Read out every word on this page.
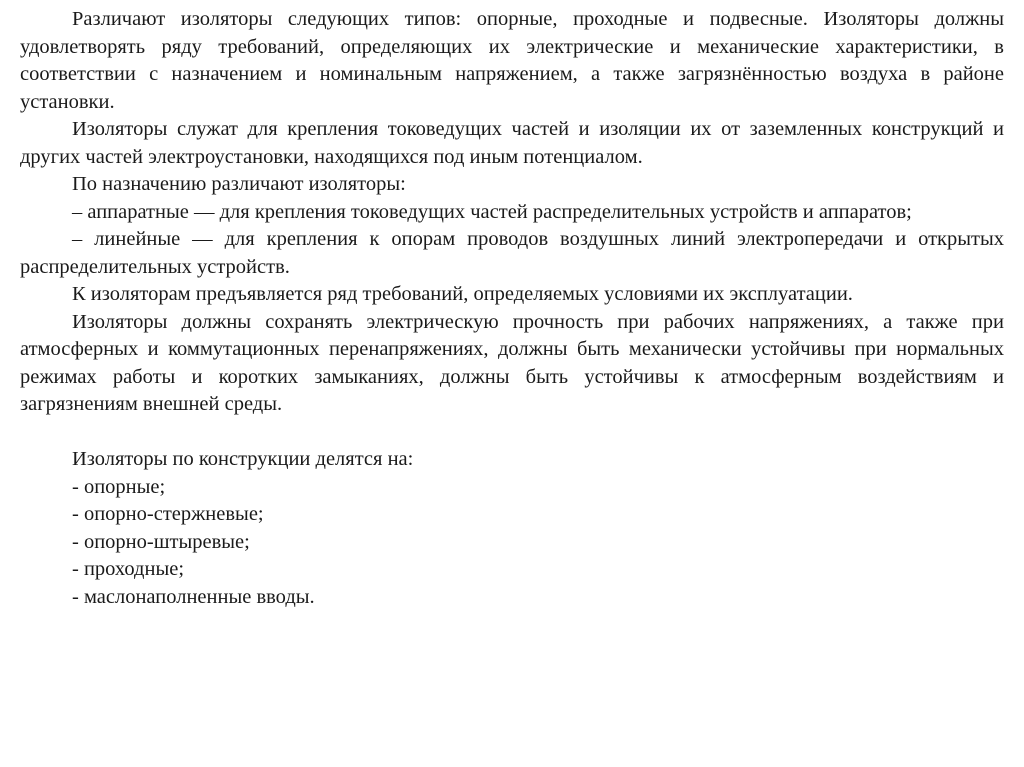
Различают изоляторы следующих типов: опорные, проходные и подвесные. Изоляторы должны удовлетворять ряду требований, определяющих их электрические и механические характеристики, в соответствии с назначением и номинальным напряжением, а также загрязнённостью воздуха в районе установки.

Изоляторы служат для крепления токоведущих частей и изоляции их от заземленных конструкций и других частей электроустановки, находящихся под иным потенциалом.

По назначению различают изоляторы:

– аппаратные — для крепления токоведущих частей распределительных устройств и аппаратов;

– линейные — для крепления к опорам проводов воздушных линий электропередачи и открытых распределительных устройств.

К изоляторам предъявляется ряд требований, определяемых условиями их эксплуатации.

Изоляторы должны сохранять электрическую прочность при рабочих напряжениях, а также при атмосферных и коммутационных перенапряжениях, должны быть механически устойчивы при нормальных режимах работы и коротких замыканиях, должны быть устойчивы к атмосферным воздействиям и загрязнениям внешней среды.

Изоляторы по конструкции делятся на:

- опорные;

- опорно-стержневые;

- опорно-штыревые;

- проходные;

- маслонаполненные вводы.
